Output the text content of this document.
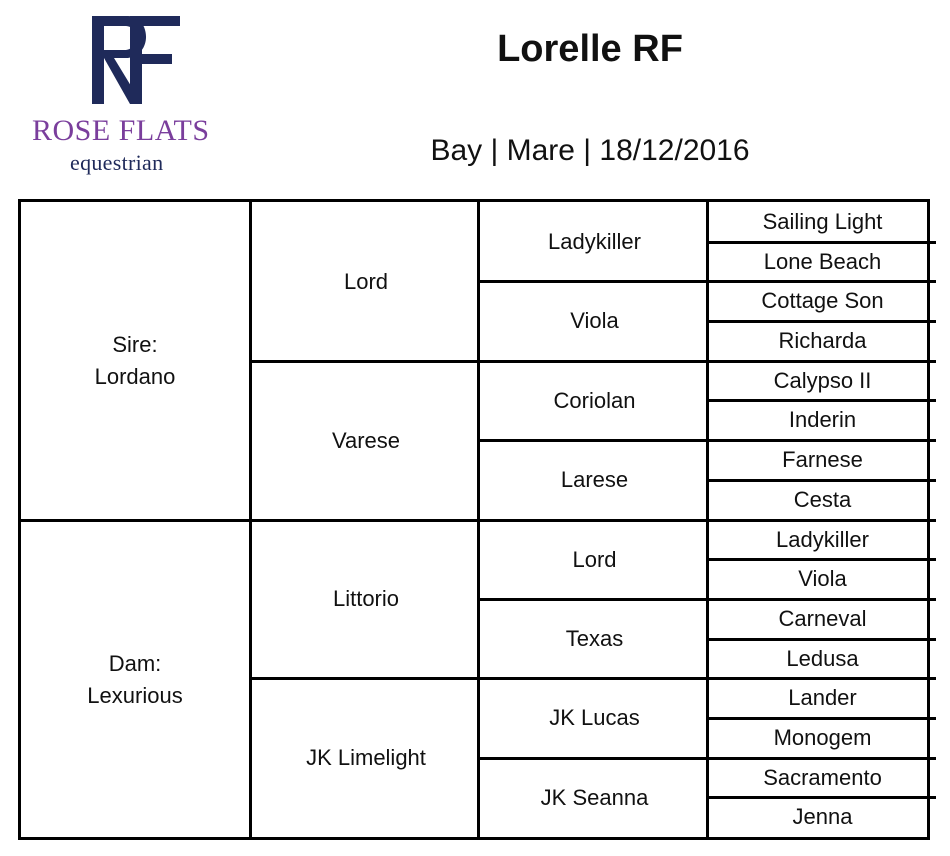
ROSE FLATS
equestrian
Lorelle RF
Bay | Mare | 18/12/2016
Sire:
Lordano
Dam:
Lexurious
Lord
Varese
Littorio
JK Limelight
Ladykiller
Viola
Coriolan
Larese
Lord
Texas
JK Lucas
JK Seanna
Sailing Light
Lone Beach
Cottage Son
Richarda
Calypso II
Inderin
Farnese
Cesta
Ladykiller
Viola
Carneval
Ledusa
Lander
Monogem
Sacramento
Jenna
